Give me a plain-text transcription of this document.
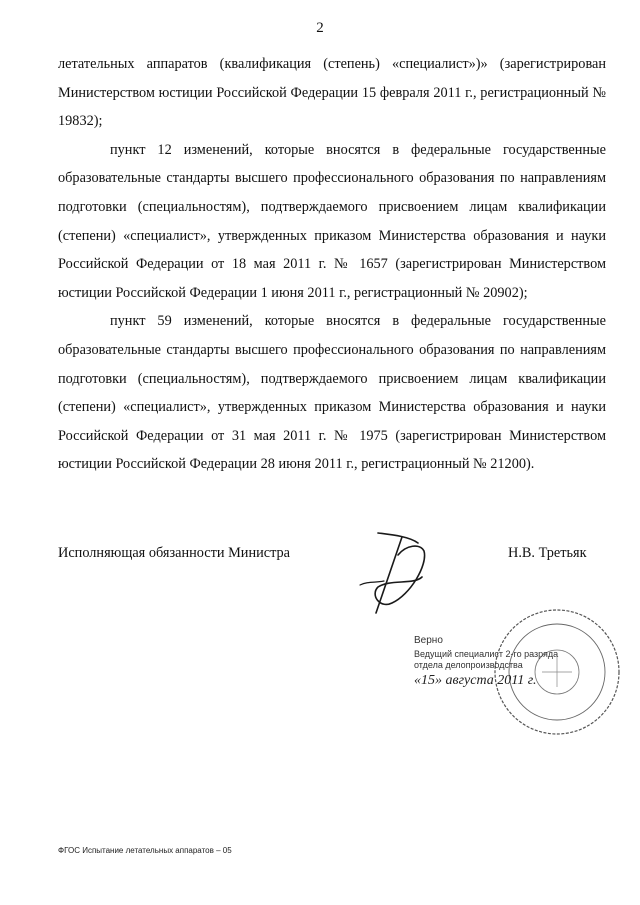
2

летательных аппаратов (квалификация (степень) «специалист»)» (зарегистрирован Министерством юстиции Российской Федерации 15 февраля 2011 г., регистрационный № 19832);

пункт 12 изменений, которые вносятся в федеральные государственные образовательные стандарты высшего профессионального образования по направлениям подготовки (специальностям), подтверждаемого присвоением лицам квалификации (степени) «специалист», утвержденных приказом Министерства образования и науки Российской Федерации от 18 мая 2011 г. № 1657 (зарегистрирован Министерством юстиции Российской Федерации 1 июня 2011 г., регистрационный № 20902);

пункт 59 изменений, которые вносятся в федеральные государственные образовательные стандарты высшего профессионального образования по направлениям подготовки (специальностям), подтверждаемого присвоением лицам квалификации (степени) «специалист», утвержденных приказом Министерства образования и науки Российской Федерации от 31 мая 2011 г. № 1975 (зарегистрирован Министерством юстиции Российской Федерации 28 июня 2011 г., регистрационный № 21200).

Исполняющая обязанности Министра	Н.В. Третьяк
Верно
Ведущий специалист 2-го разряда
отдела делопроизводства
«15» августа 2011 г.
ФГОС Испытание летательных аппаратов – 05
